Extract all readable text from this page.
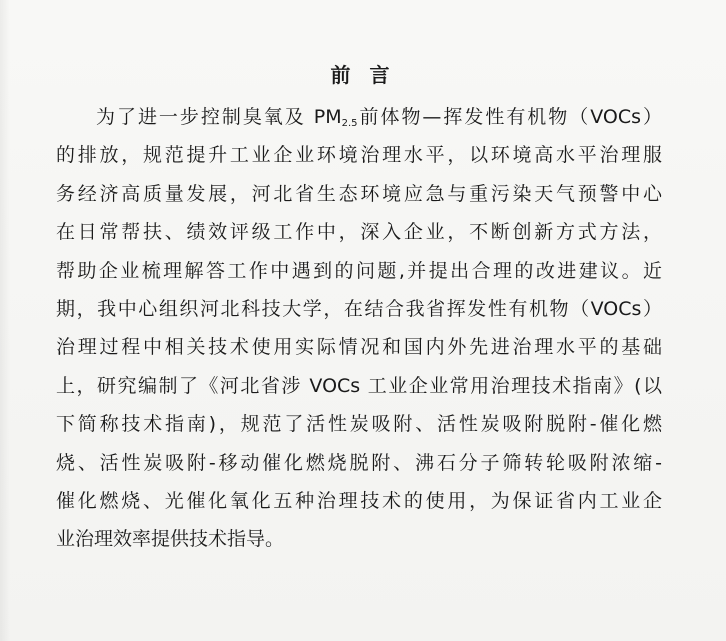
前 言
为了进一步控制臭氧及 $PM_{2.5}$前体物—挥发性有机物（VOCs）
的排放，规范提升工业企业环境治理水平，以环境高水平治理服
务经济高质量发展，河北省生态环境应急与重污染天气预警中心
在日常帮扶、绩效评级工作中，深入企业，不断创新方式方法，
帮助企业梳理解答工作中遇到的问题,并提出合理的改进建议。近
期，我中心组织河北科技大学，在结合我省挥发性有机物（VOCs）
治理过程中相关技术使用实际情况和国内外先进治理水平的基础
上，研究编制了《河北省涉 VOCs 工业企业常用治理技术指南》(以
下简称技术指南)，规范了活性炭吸附、活性炭吸附脱附-催化燃
烧、活性炭吸附-移动催化燃烧脱附、沸石分子筛转轮吸附浓缩-
催化燃烧、光催化氧化五种治理技术的使用，为保证省内工业企
业治理效率提供技术指导。
